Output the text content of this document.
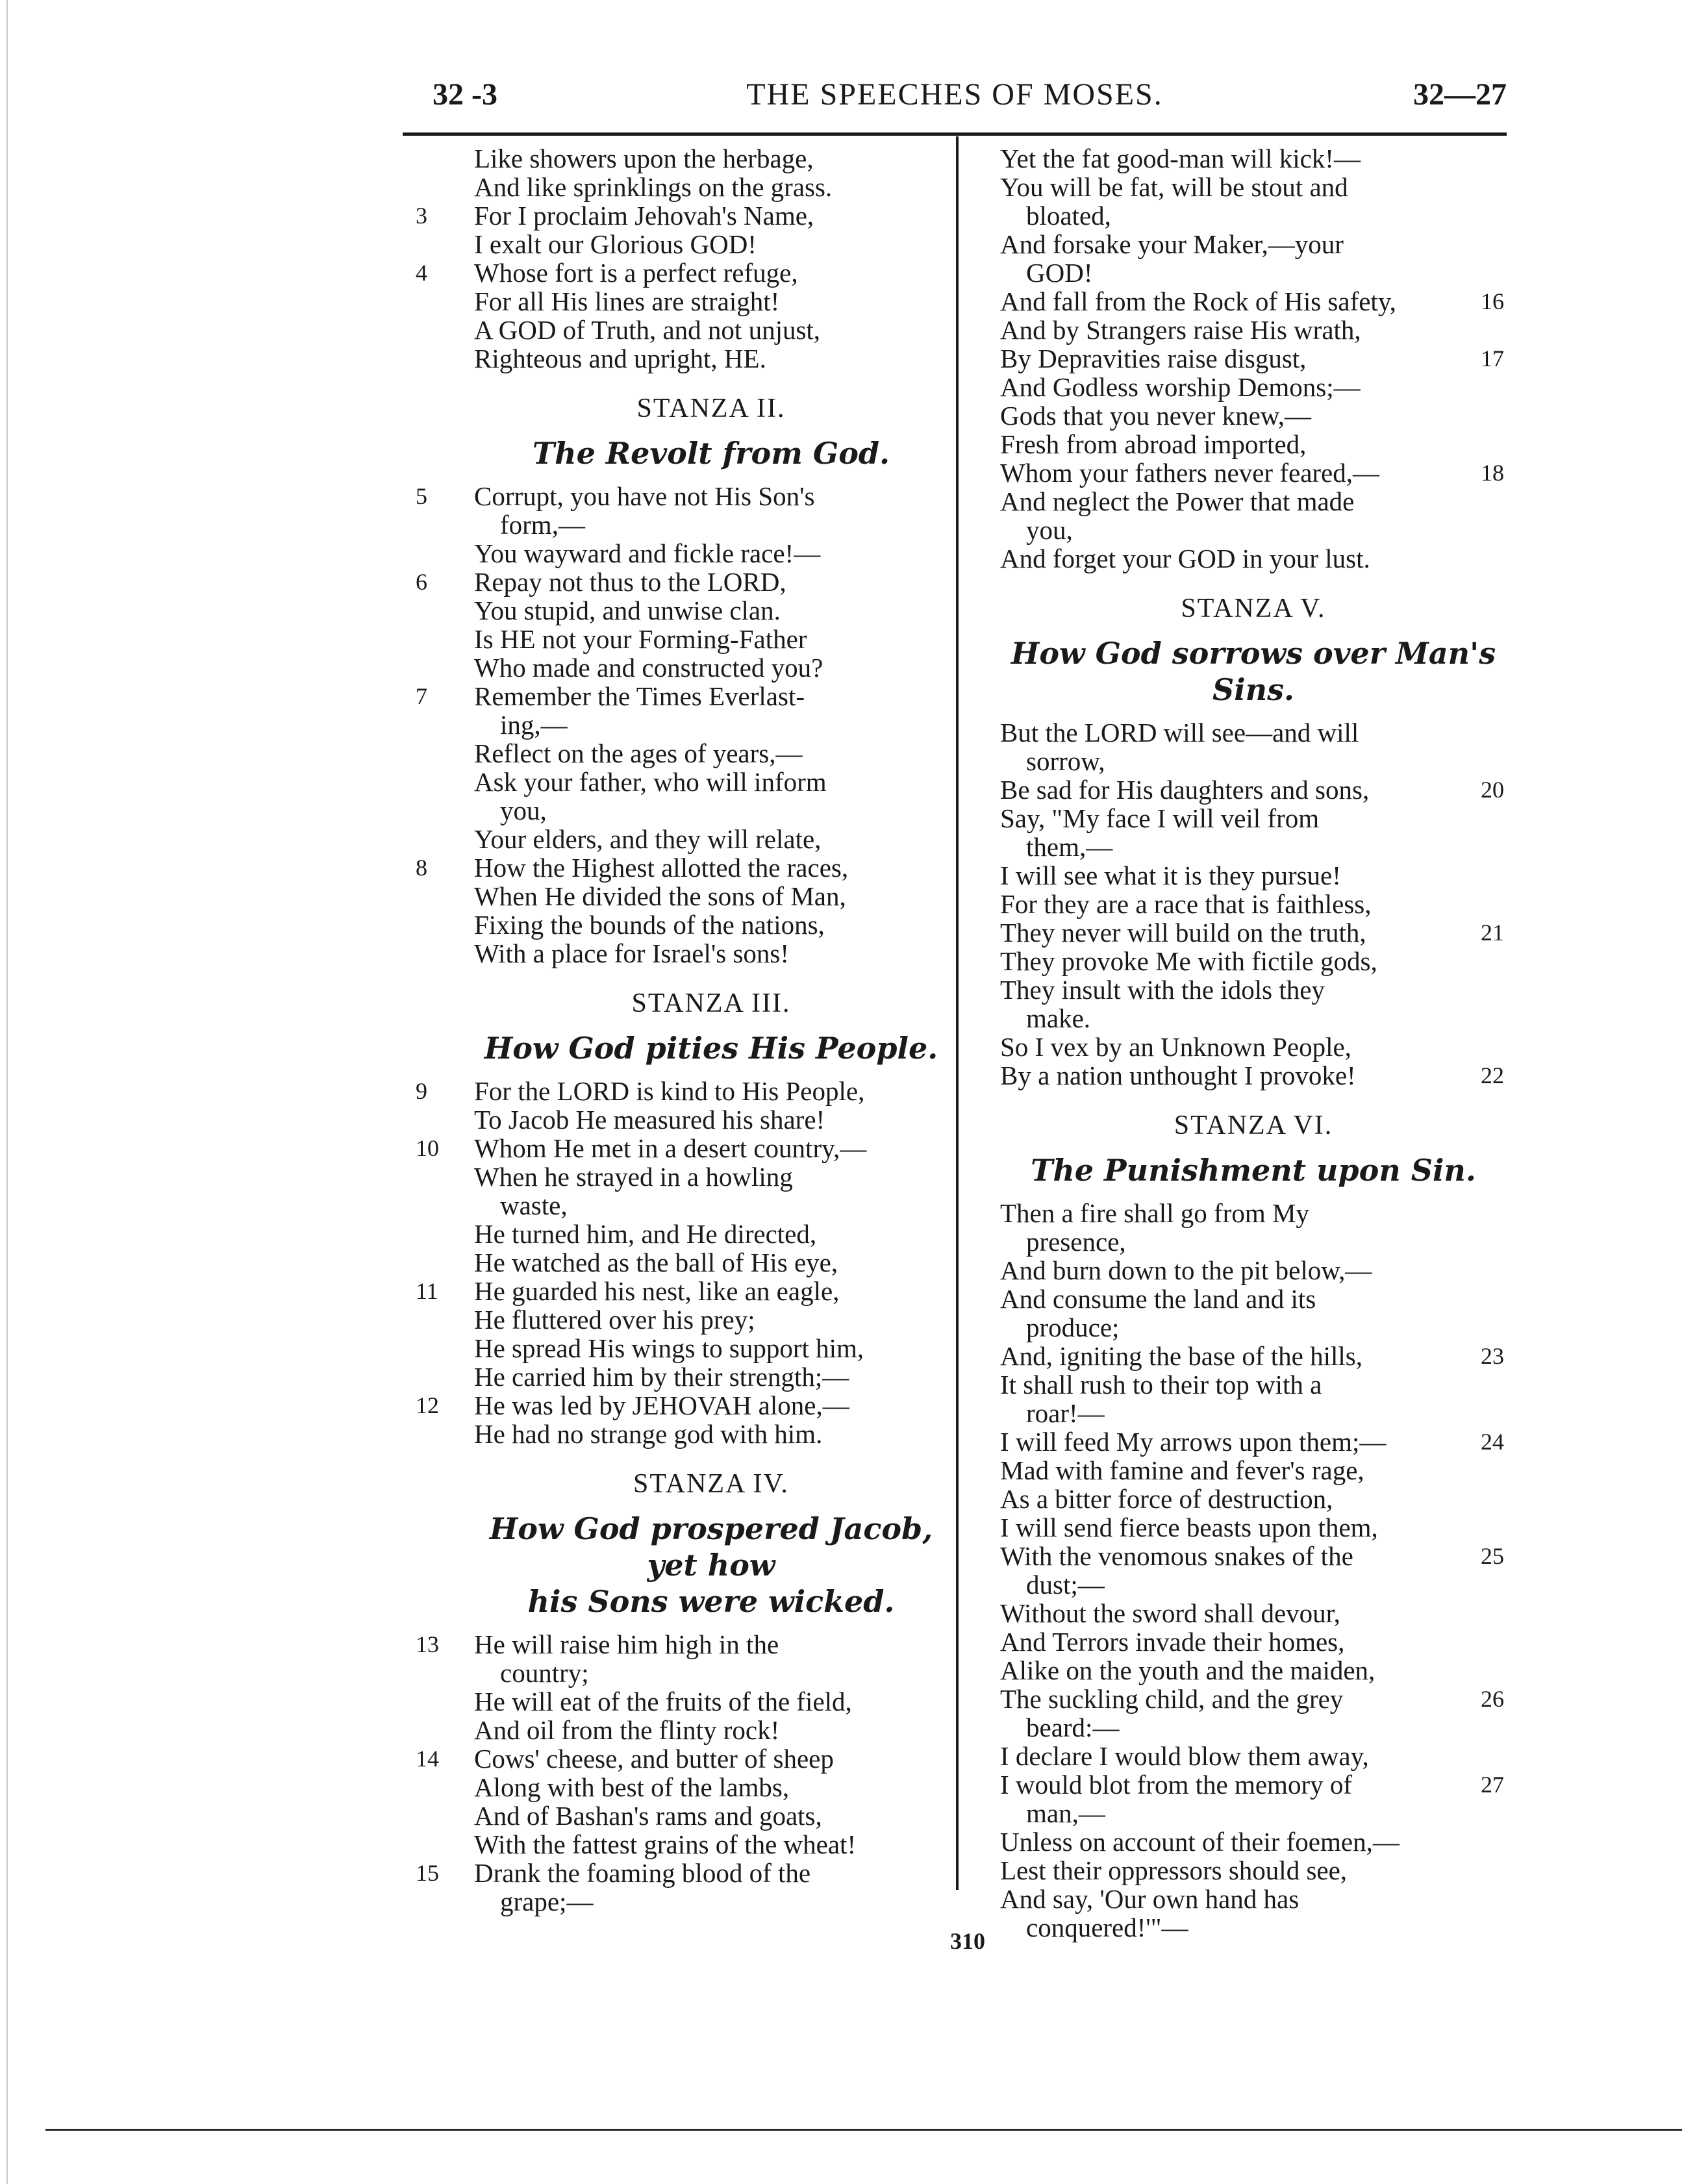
32 -3	THE SPEECHES OF MOSES.	32—27
Like showers upon the herbage,
And like sprinklings on the grass.
For I proclaim Jehovah's Name,
3
I exalt our Glorious GOD!
Whose fort is a perfect refuge,
4
For all His lines are straight!
A GOD of Truth, and not unjust,
Righteous and upright, HE.
STANZA II.
The Revolt from God.
Corrupt, you have not His Son's
5
form,—
You wayward and fickle race!—
Repay not thus to the LORD,
6
You stupid, and unwise clan.
Is HE not your Forming-Father
Who made and constructed you?
Remember the Times Everlast-
7
ing,—
Reflect on the ages of years,—
Ask your father, who will inform
you,
Your elders, and they will relate,
How the Highest allotted the races,
8
When He divided the sons of Man,
Fixing the bounds of the nations,
With a place for Israel's sons!
STANZA III.
How God pities His People.
For the LORD is kind to His People,
9
To Jacob He measured his share!
Whom He met in a desert country,—
10
When he strayed in a howling
waste,
He turned him, and He directed,
He watched as the ball of His eye,
He guarded his nest, like an eagle,
11
He fluttered over his prey;
He spread His wings to support him,
He carried him by their strength;—
He was led by JEHOVAH alone,—
12
He had no strange god with him.
STANZA IV.
How God prospered Jacob, yet how
his Sons were wicked.
He will raise him high in the
13
country;
He will eat of the fruits of the field,
And oil from the flinty rock!
Cows' cheese, and butter of sheep
14
Along with best of the lambs,
And of Bashan's rams and goats,
With the fattest grains of the wheat!
Drank the foaming blood of the
15
grape;—
Yet the fat good-man will kick!—
You will be fat, will be stout and
bloated,
And forsake your Maker,—your
GOD!
And fall from the Rock of His safety,	16
And by Strangers raise His wrath,
By Depravities raise disgust,	17
And Godless worship Demons;—
Gods that you never knew,—
Fresh from abroad imported,
Whom your fathers never feared,—	18
And neglect the Power that made
you,
And forget your GOD in your lust.
STANZA V.
How God sorrows over Man's Sins.
But the LORD will see—and will
sorrow,
Be sad for His daughters and sons,	20
Say, "My face I will veil from
them,—
I will see what it is they pursue!
For they are a race that is faithless,
They never will build on the truth,	21
They provoke Me with fictile gods,
They insult with the idols they
make.
So I vex by an Unknown People,
By a nation unthought I provoke!	22
STANZA VI.
The Punishment upon Sin.
Then a fire shall go from My
presence,
And burn down to the pit below,—
And consume the land and its
produce;
And, igniting the base of the hills,	23
It shall rush to their top with a
roar!—
I will feed My arrows upon them;—	24
Mad with famine and fever's rage,
As a bitter force of destruction,
I will send fierce beasts upon them,
With the venomous snakes of the	25
dust;—
Without the sword shall devour,
And Terrors invade their homes,
Alike on the youth and the maiden,
The suckling child, and the grey	26
beard:—
I declare I would blow them away,
I would blot from the memory of	27
man,—
Unless on account of their foemen,—
Lest their oppressors should see,
And say, 'Our own hand has
conquered!'"—
310
